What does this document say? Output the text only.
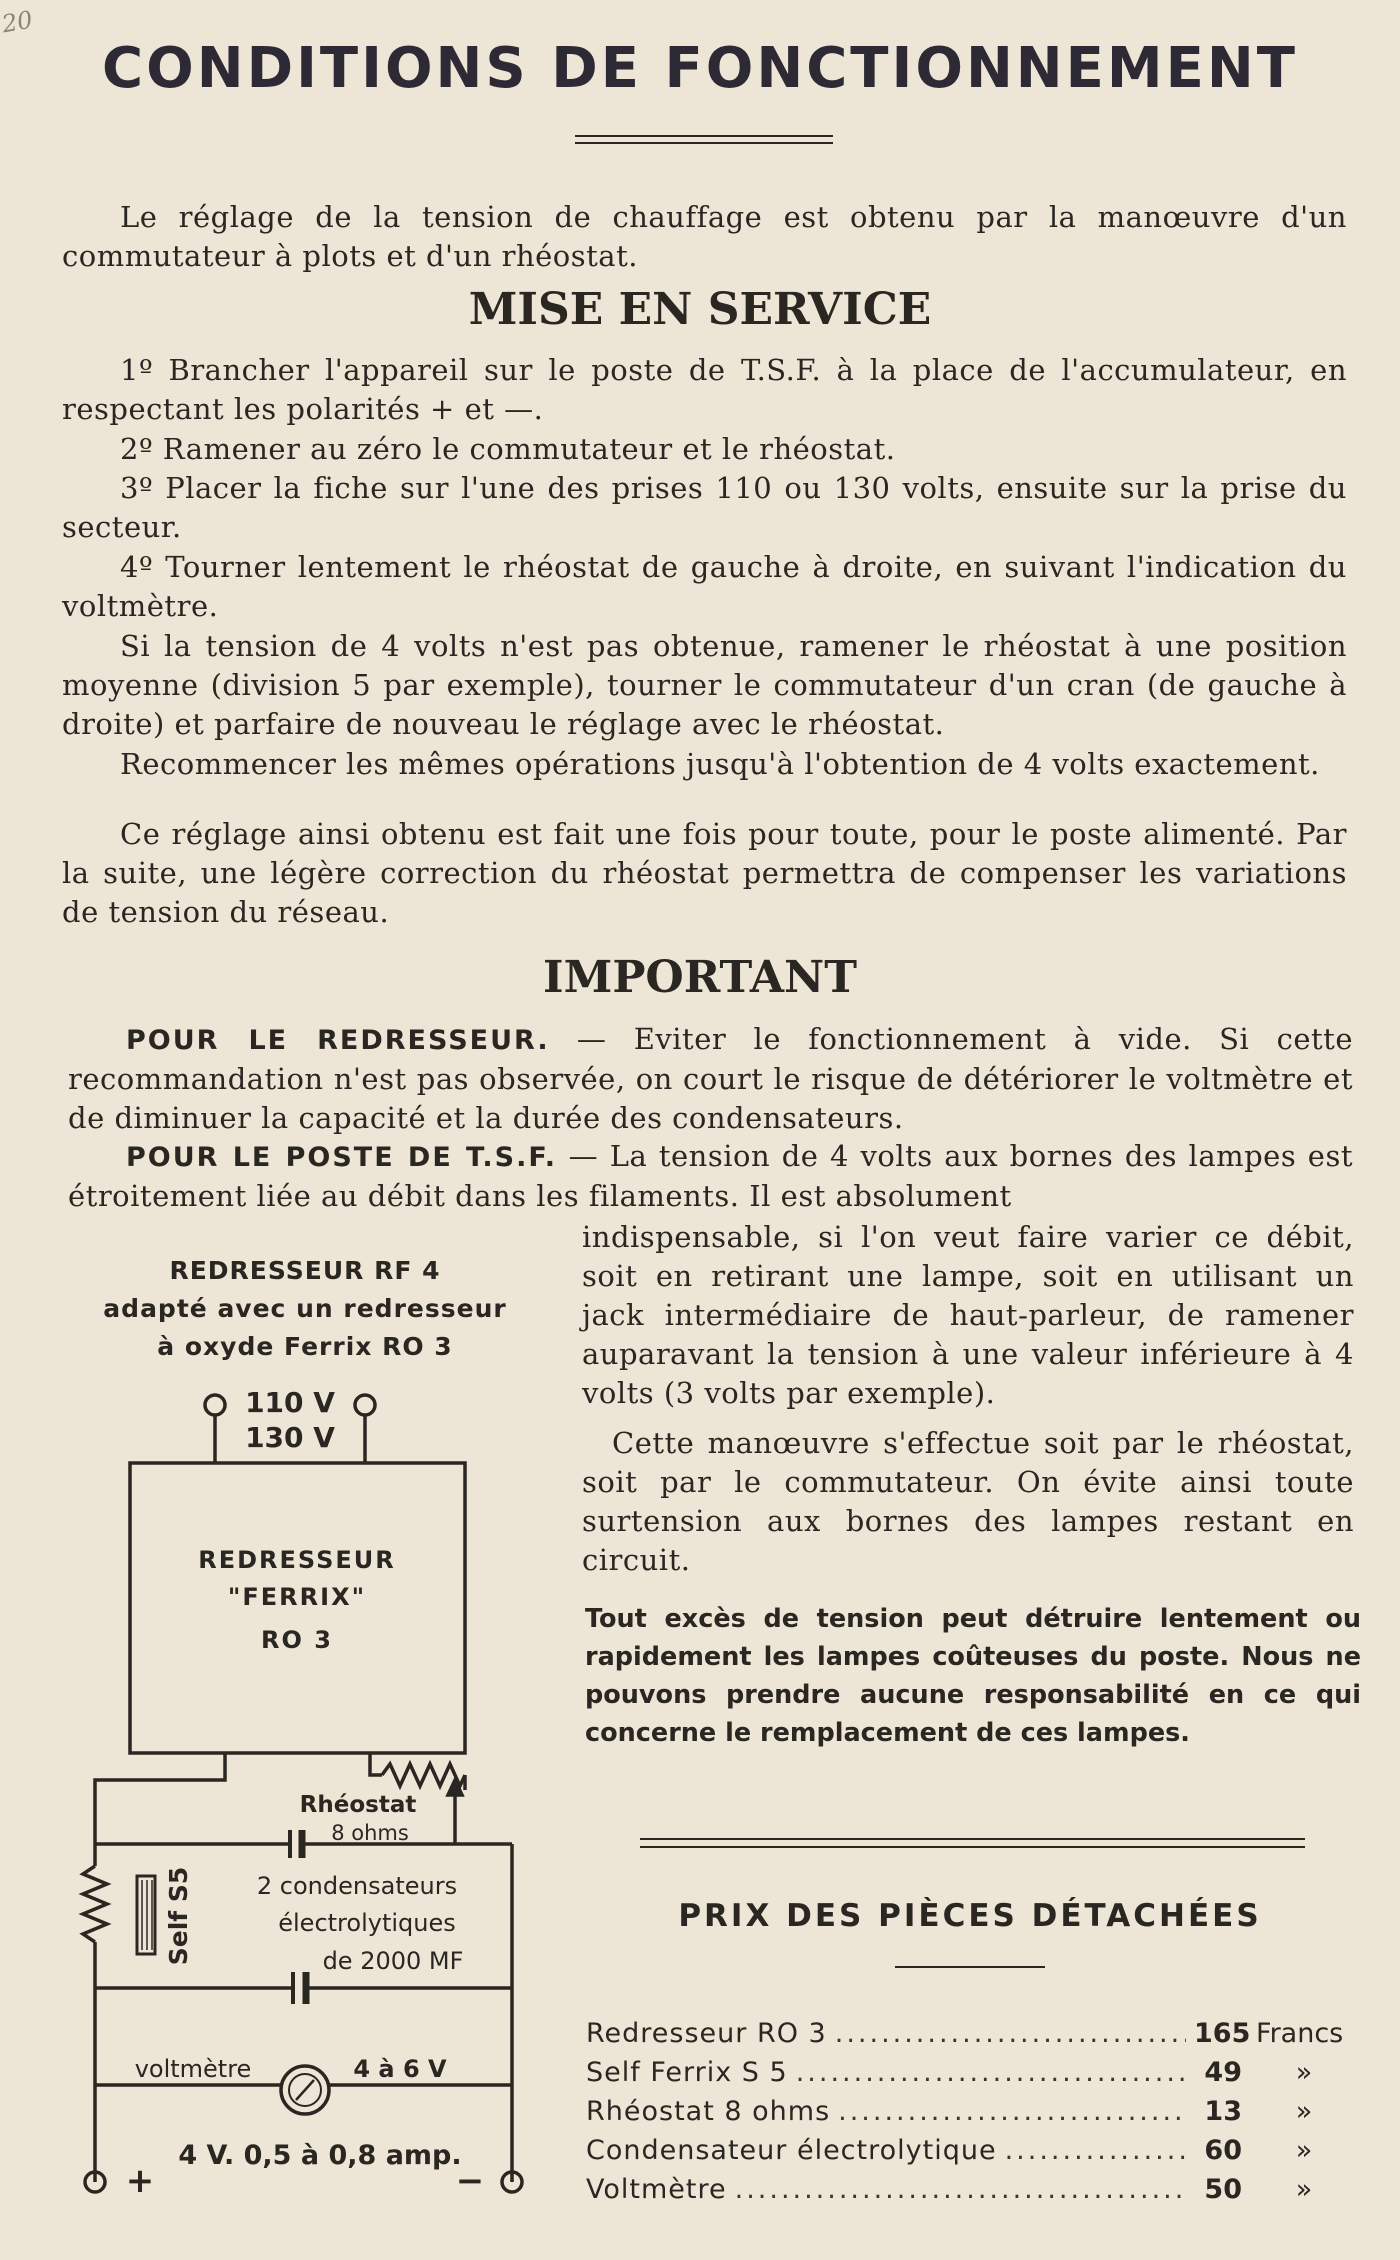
20
CONDITIONS DE FONCTIONNEMENT

Le réglage de la tension de chauffage est obtenu par la manœuvre d'un commutateur à plots et d'un rhéostat.

MISE EN SERVICE

1º Brancher l'appareil sur le poste de T.S.F. à la place de l'accumulateur, en respectant les polarités + et —.

2º Ramener au zéro le commutateur et le rhéostat.

3º Placer la fiche sur l'une des prises 110 ou 130 volts, ensuite sur la prise du secteur.

4º Tourner lentement le rhéostat de gauche à droite, en suivant l'indication du voltmètre.

Si la tension de 4 volts n'est pas obtenue, ramener le rhéostat à une position moyenne (division 5 par exemple), tourner le commutateur d'un cran (de gauche à droite) et parfaire de nouveau le réglage avec le rhéostat.

Recommencer les mêmes opérations jusqu'à l'obtention de 4 volts exactement.

Ce réglage ainsi obtenu est fait une fois pour toute, pour le poste alimenté. Par la suite, une légère correction du rhéostat permettra de compenser les variations de tension du réseau.

IMPORTANT

POUR LE REDRESSEUR. — Eviter le fonctionnement à vide. Si cette recommandation n'est pas observée, on court le risque de détériorer le voltmètre et de diminuer la capacité et la durée des condensateurs.

POUR LE POSTE DE T.S.F. — La tension de 4 volts aux bornes des lampes est étroitement liée au débit dans les filaments. Il est absolument

indispensable, si l'on veut faire varier ce débit, soit en retirant une lampe, soit en utilisant un jack intermédiaire de haut-parleur, de ramener auparavant la tension à une valeur inférieure à 4 volts (3 volts par exemple).

Cette manœuvre s'effectue soit par le rhéostat, soit par le commutateur. On évite ainsi toute surtension aux bornes des lampes restant en circuit.

Tout excès de tension peut détruire lentement ou rapidement les lampes coûteuses du poste. Nous ne pouvons prendre aucune responsabilité en ce qui concerne le remplacement de ces lampes.

REDRESSEUR RF 4
adapté avec un redresseur
à oxyde Ferrix RO 3
110 V
130 V
REDRESSEUR
"FERRIX"
RO 3
Rhéostat
8 ohms
Self S5	2 condensateurs
électrolytiques
de 2000 MF
voltmètre	4 à 6 V
4 V. 0,5 à 0,8 amp.
+	−
PRIX DES PIÈCES DÉTACHÉES
Redresseur RO 3 .....	165 Francs
Self Ferrix S 5 .....	49	»
Rhéostat 8 ohms .....	13	»
Condensateur électrolytique .....	60	»
Voltmètre .....	50	»
